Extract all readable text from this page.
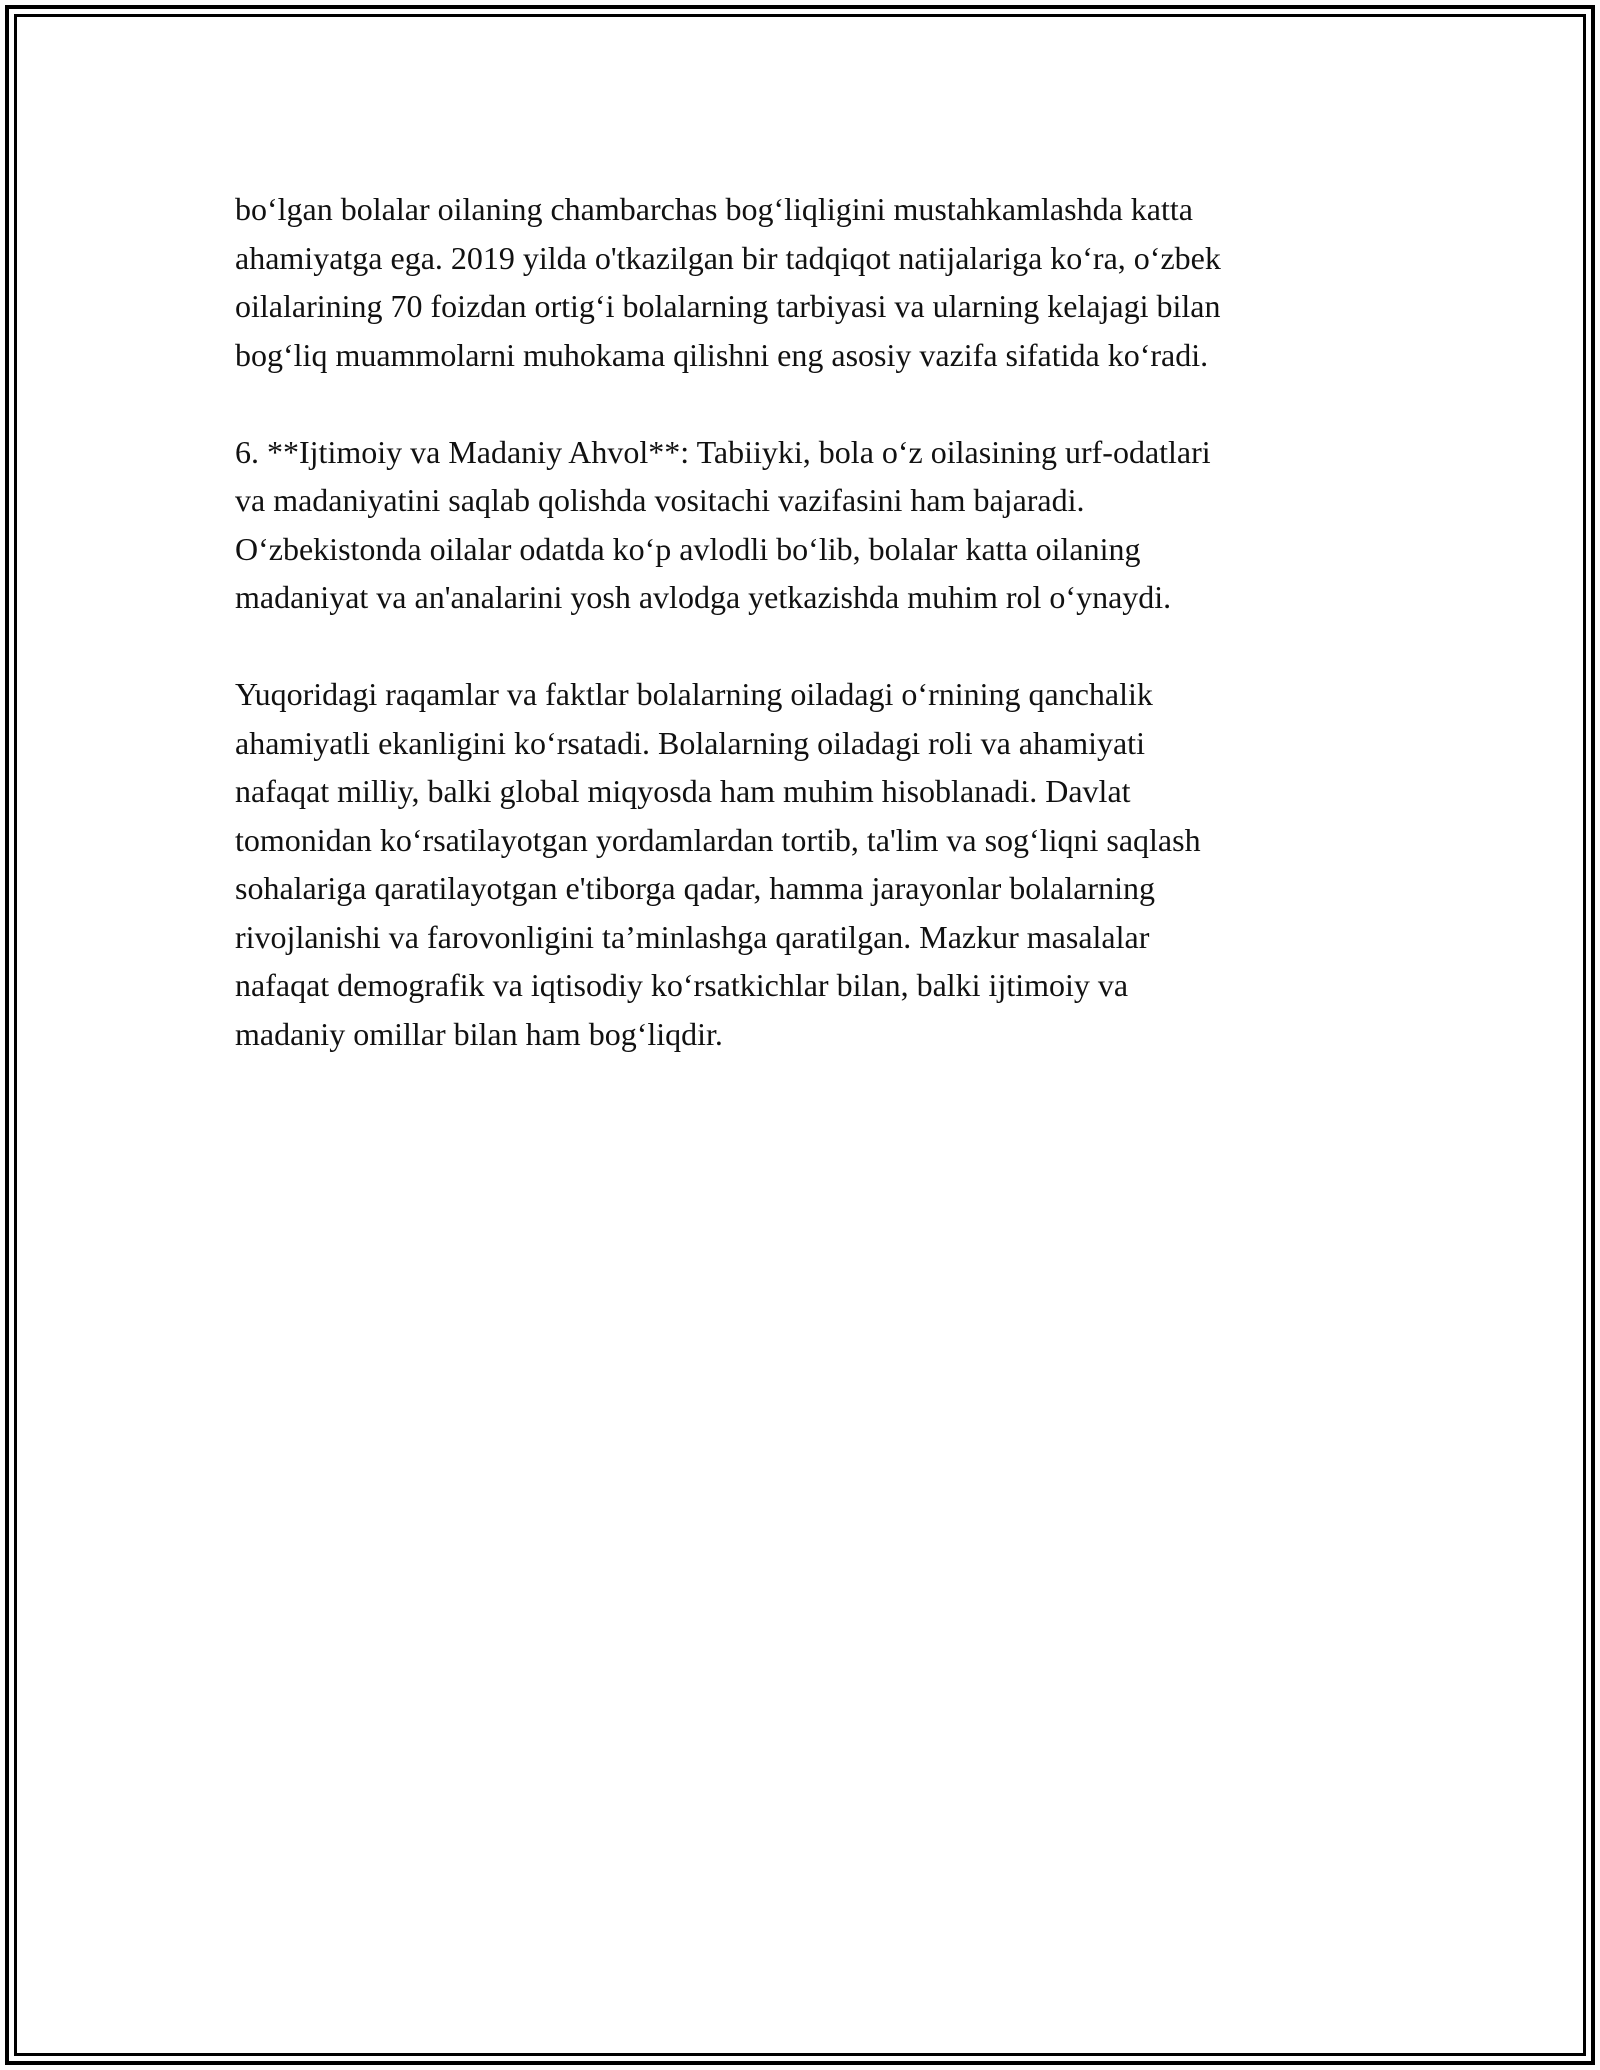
bo‘lgan bolalar oilaning chambarchas bog‘liqligini mustahkamlashda katta
ahamiyatga ega. 2019 yilda o'tkazilgan bir tadqiqot natijalariga ko‘ra, o‘zbek
oilalarining 70 foizdan ortig‘i bolalarning tarbiyasi va ularning kelajagi bilan
bog‘liq muammolarni muhokama qilishni eng asosiy vazifa sifatida ko‘radi.

6. **Ijtimoiy va Madaniy Ahvol**: Tabiiyki, bola o‘z oilasining urf-odatlari
va madaniyatini saqlab qolishda vositachi vazifasini ham bajaradi.
O‘zbekistonda oilalar odatda ko‘p avlodli bo‘lib, bolalar katta oilaning
madaniyat va an'analarini yosh avlodga yetkazishda muhim rol o‘ynaydi.

Yuqoridagi raqamlar va faktlar bolalarning oiladagi o‘rnining qanchalik
ahamiyatli ekanligini ko‘rsatadi. Bolalarning oiladagi roli va ahamiyati
nafaqat milliy, balki global miqyosda ham muhim hisoblanadi. Davlat
tomonidan ko‘rsatilayotgan yordamlardan tortib, ta'lim va sog‘liqni saqlash
sohalariga qaratilayotgan e'tiborga qadar, hamma jarayonlar bolalarning
rivojlanishi va farovonligini ta’minlashga qaratilgan. Mazkur masalalar
nafaqat demografik va iqtisodiy ko‘rsatkichlar bilan, balki ijtimoiy va
madaniy omillar bilan ham bog‘liqdir.
